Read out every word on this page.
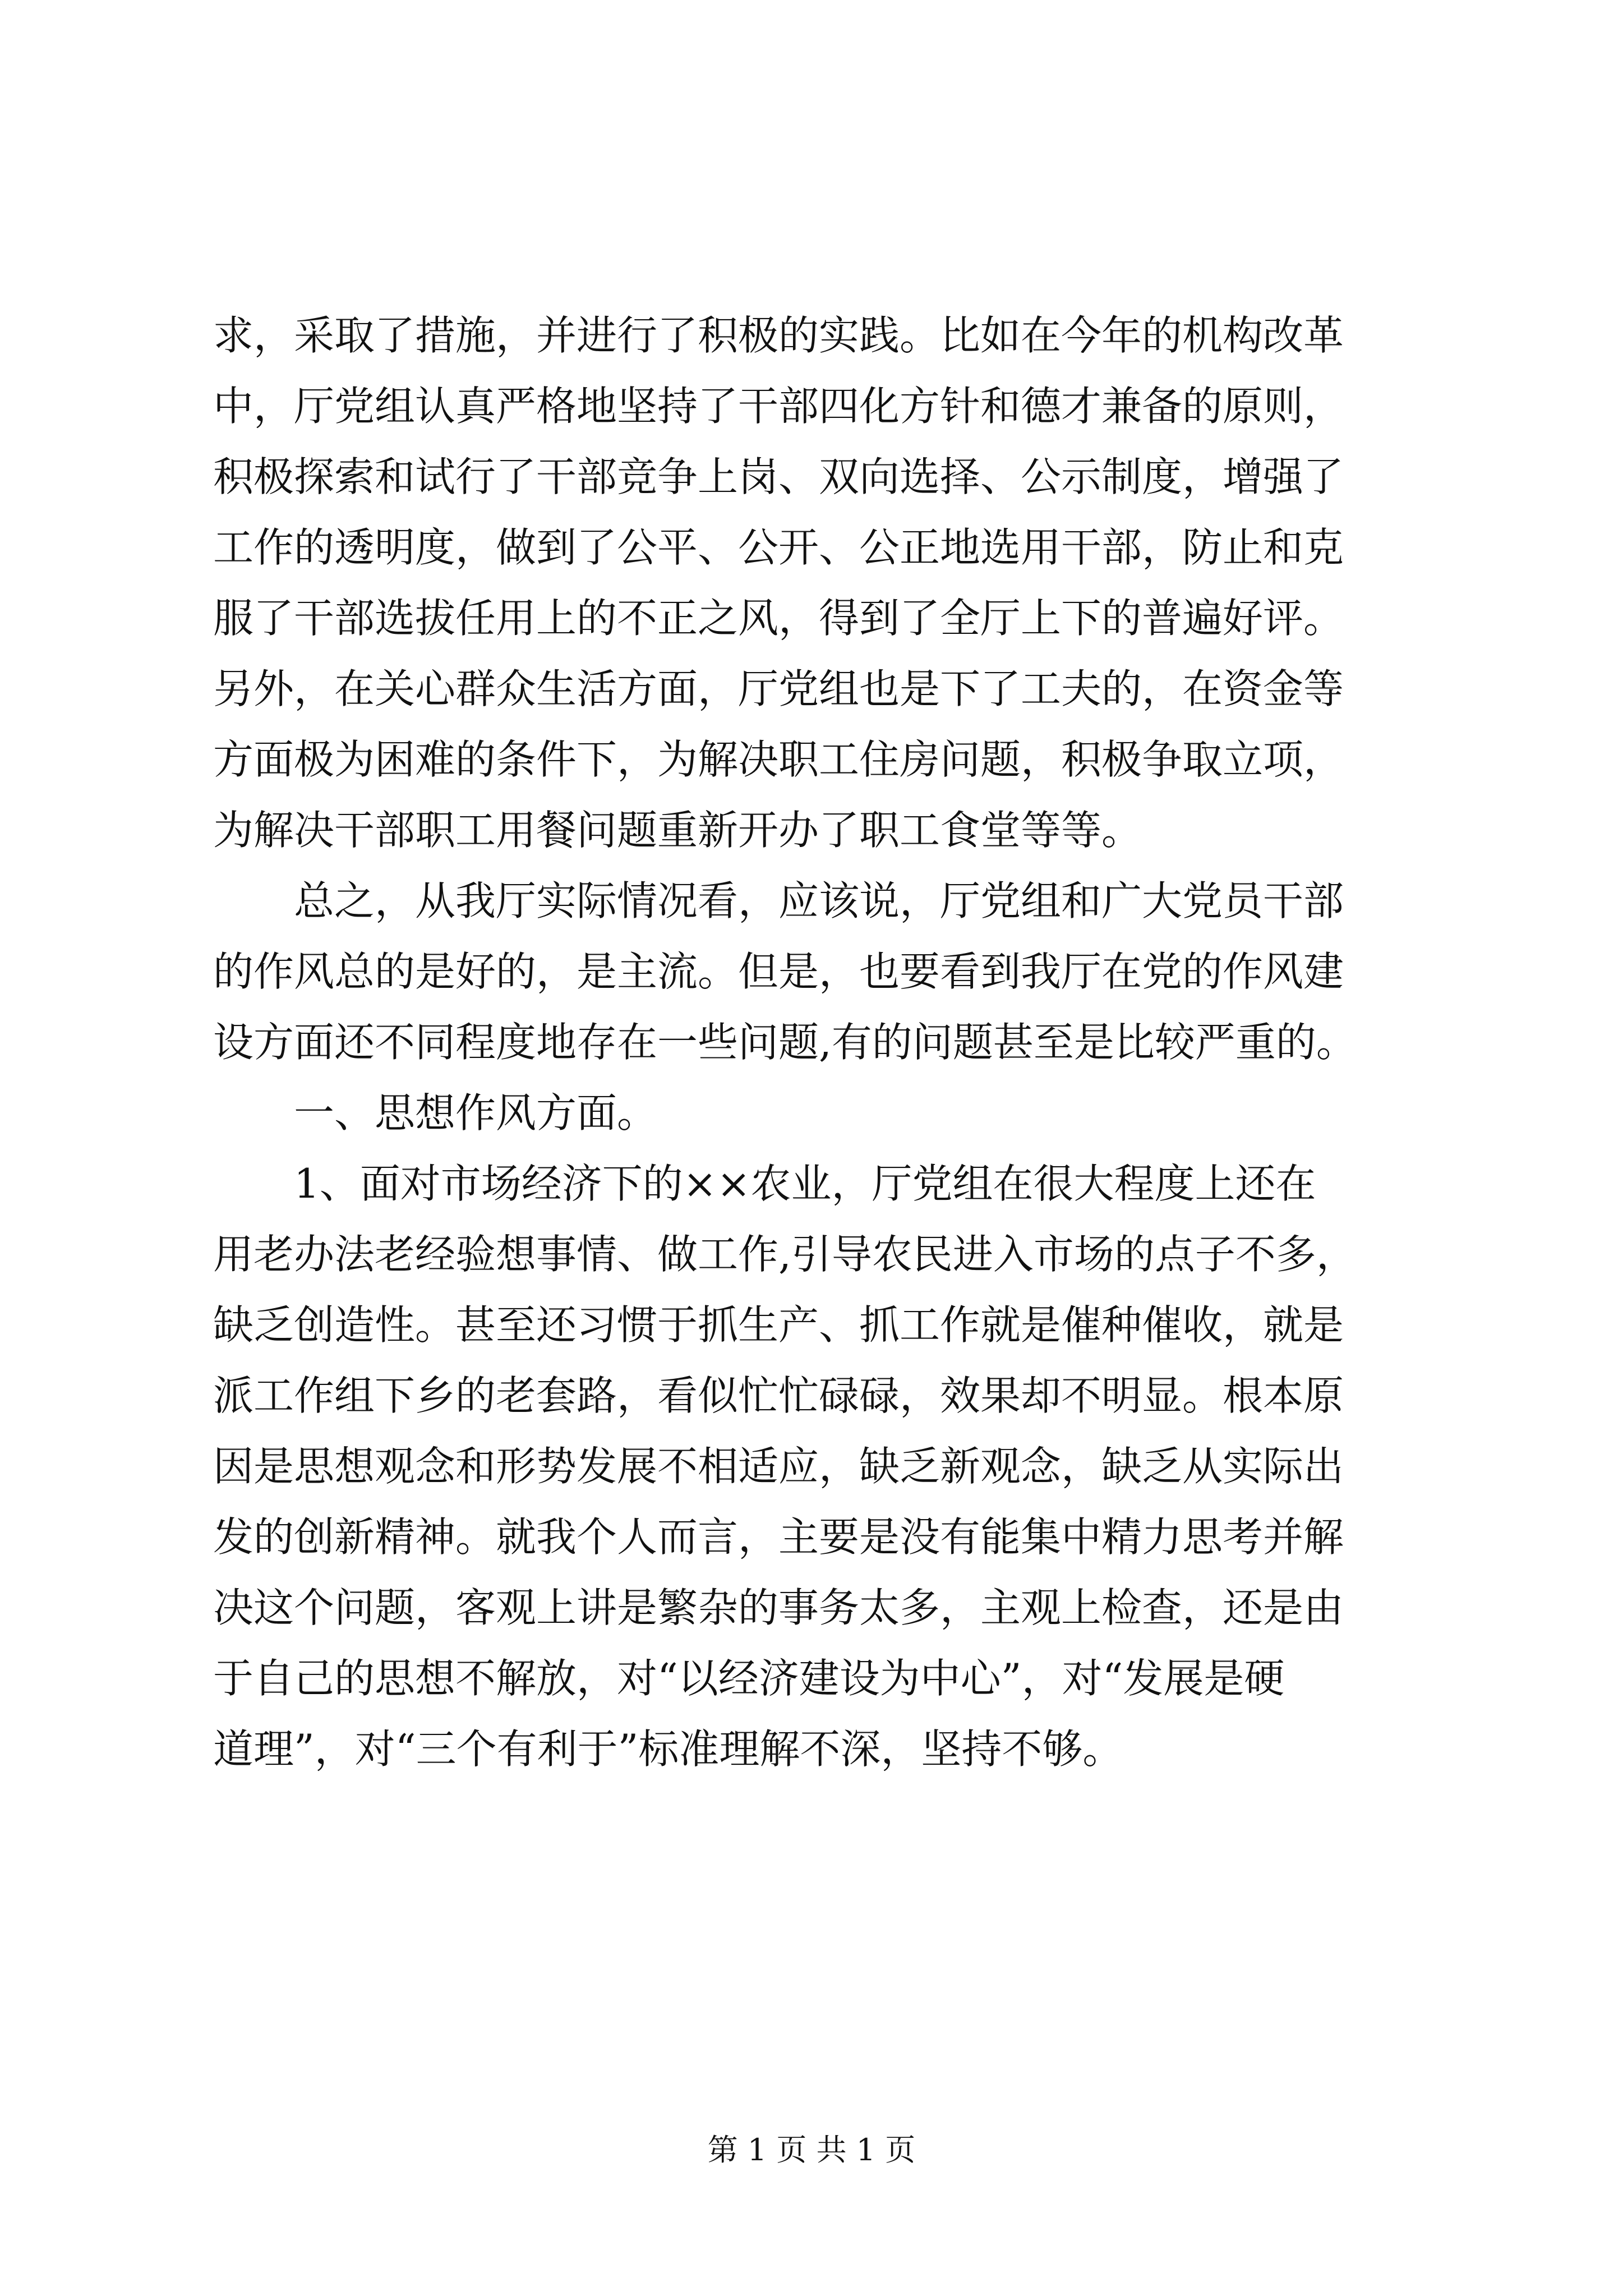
求，采取了措施，并进行了积极的实践。比如在今年的机构改革
中，厅党组认真严格地坚持了干部四化方针和德才兼备的原则，
积极探索和试行了干部竞争上岗、双向选择、公示制度，增强了
工作的透明度，做到了公平、公开、公正地选用干部，防止和克
服了干部选拔任用上的不正之风，得到了全厅上下的普遍好评。
另外，在关心群众生活方面，厅党组也是下了工夫的，在资金等
方面极为困难的条件下，为解决职工住房问题，积极争取立项，
为解决干部职工用餐问题重新开办了职工食堂等等。
总之，从我厅实际情况看，应该说，厅党组和广大党员干部
的作风总的是好的，是主流。但是，也要看到我厅在党的作风建
设方面还不同程度地存在一些问题,有的问题甚至是比较严重的。
一、思想作风方面。
1、面对市场经济下的××农业，厅党组在很大程度上还在
用老办法老经验想事情、做工作,引导农民进入市场的点子不多，
缺乏创造性。甚至还习惯于抓生产、抓工作就是催种催收，就是
派工作组下乡的老套路，看似忙忙碌碌，效果却不明显。根本原
因是思想观念和形势发展不相适应，缺乏新观念，缺乏从实际出
发的创新精神。就我个人而言，主要是没有能集中精力思考并解
决这个问题，客观上讲是繁杂的事务太多，主观上检查，还是由
于自己的思想不解放，对“以经济建设为中心”，对“发展是硬
道理”，对“三个有利于”标准理解不深，坚持不够。
第 1 页 共 1 页
